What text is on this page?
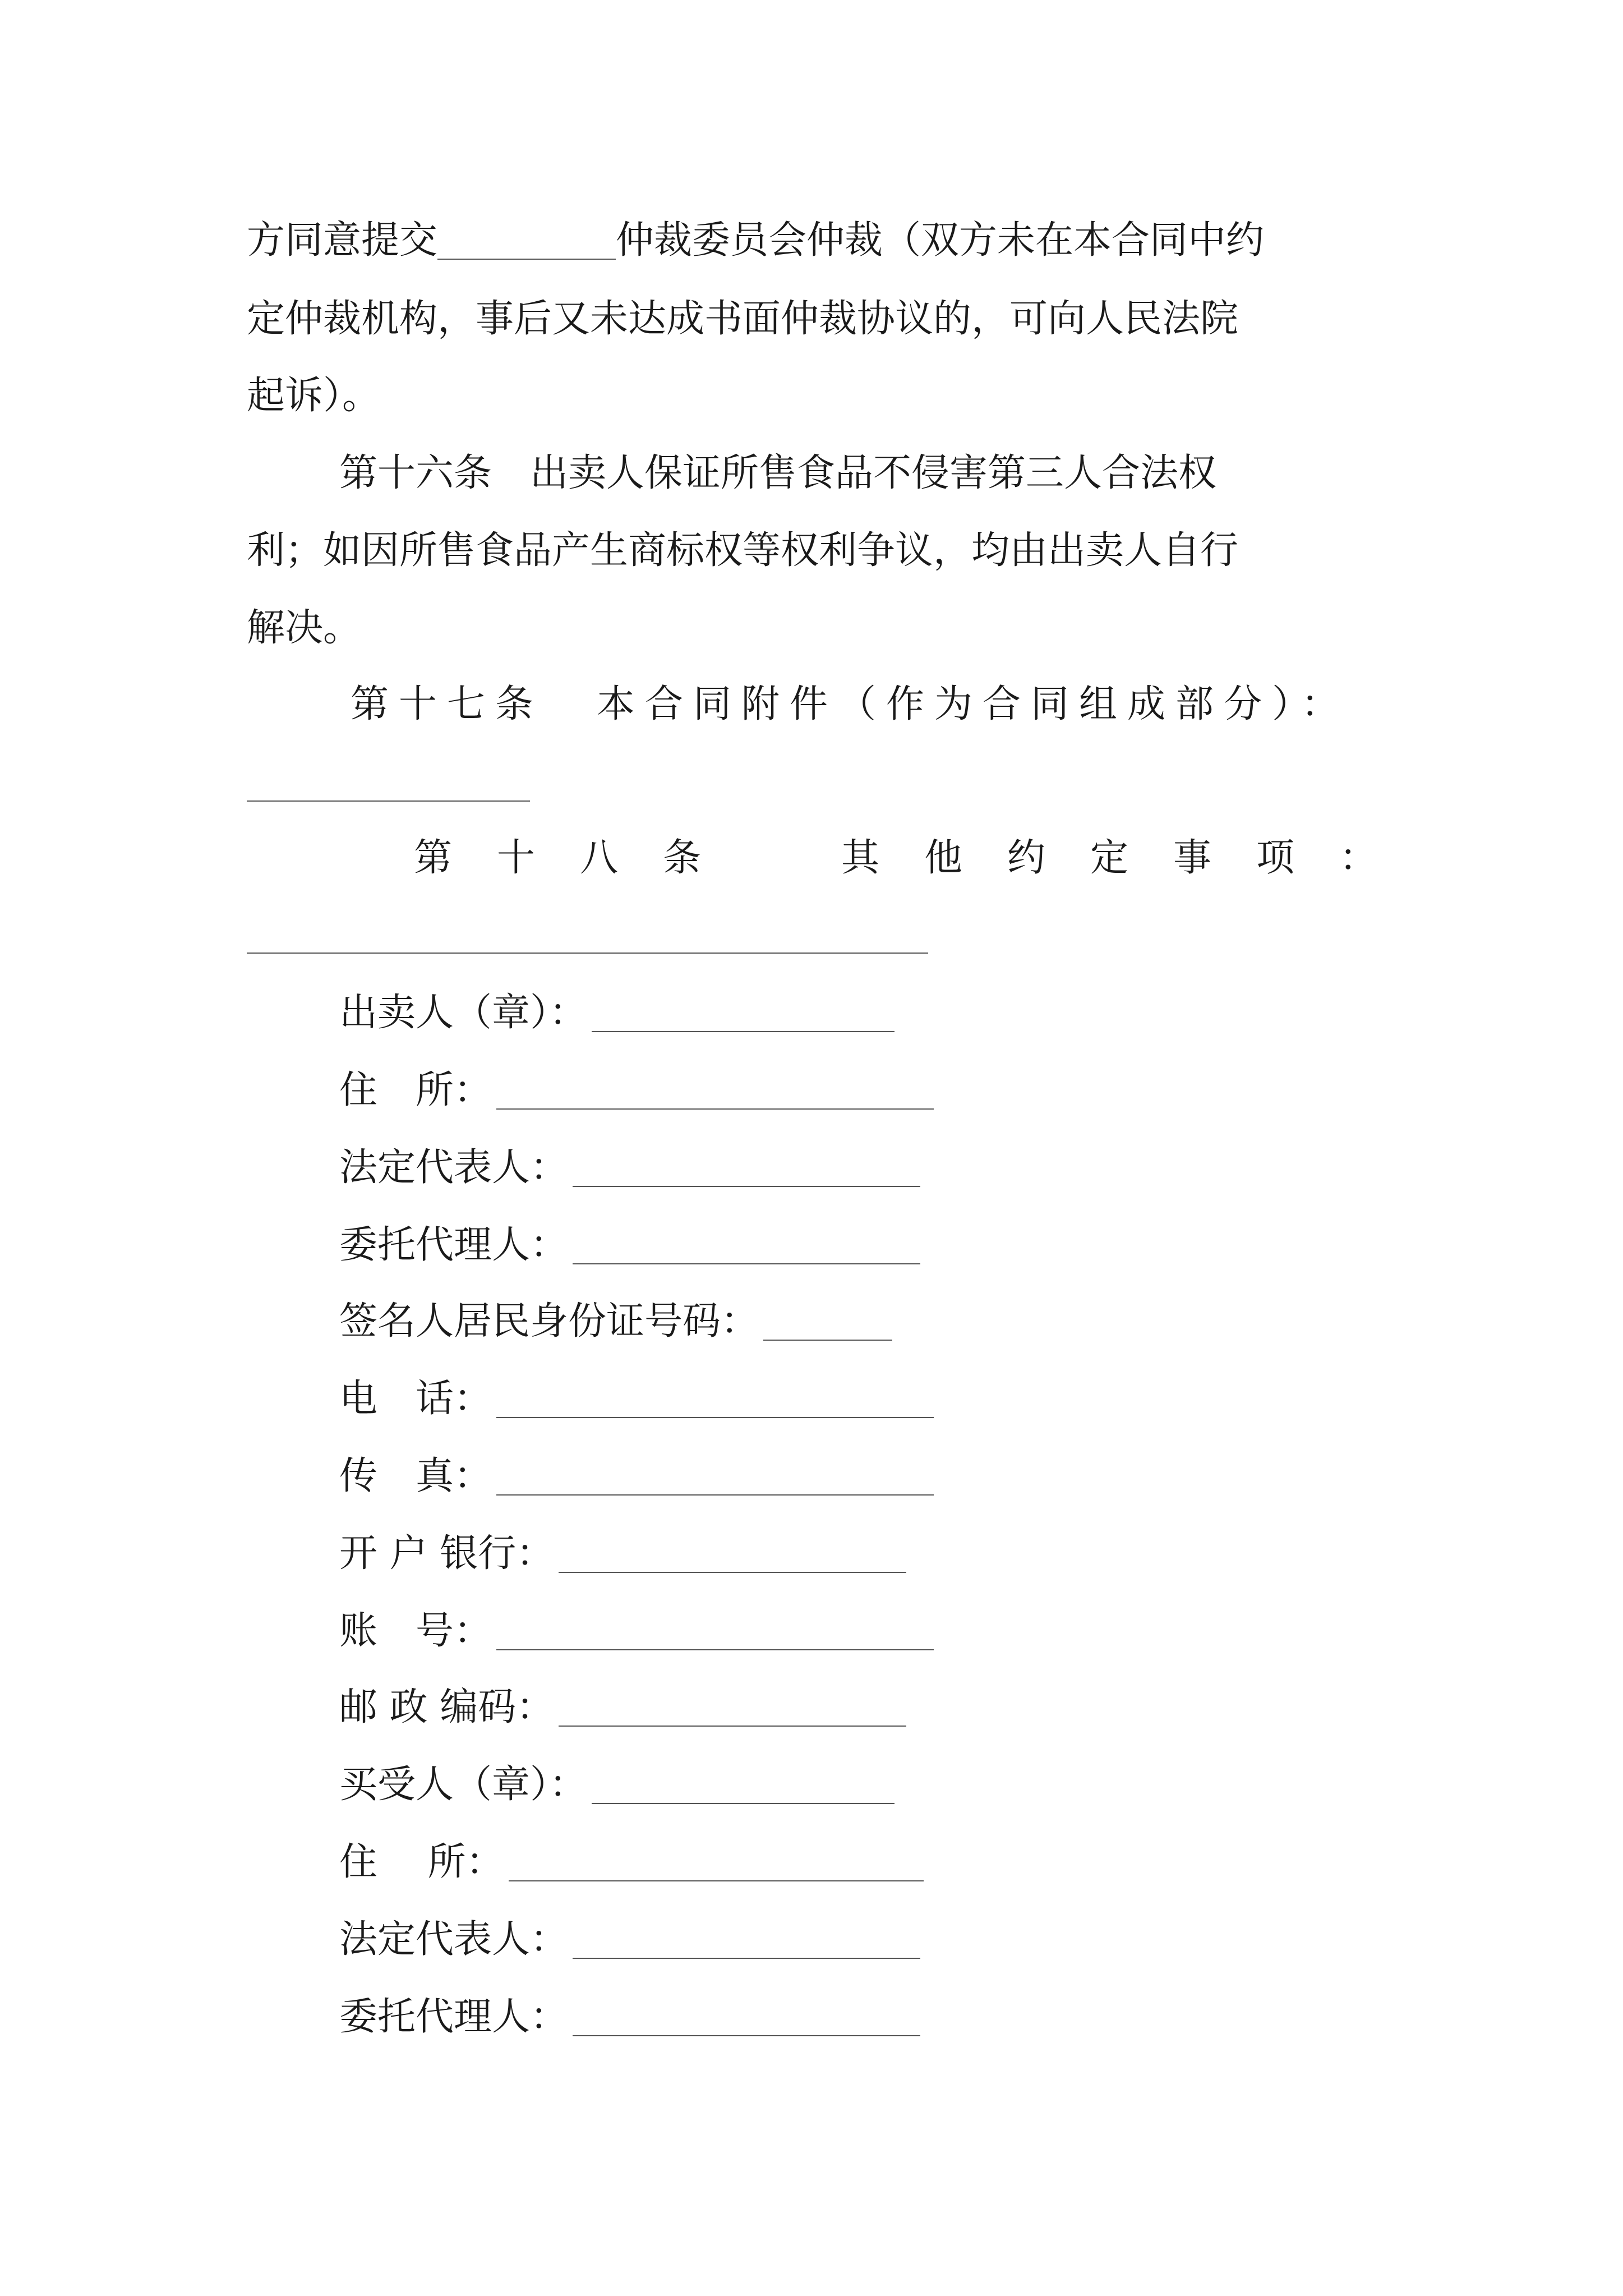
方同意提交	仲裁委员会仲裁（双方未在本合同中约
定仲裁机构，事后又未达成书面仲裁协议的，可向人民法院
起诉）。
第十六条　出卖人保证所售食品不侵害第三人合法权
利；如因所售食品产生商标权等权利争议，均由出卖人自行
解决。
第十七条 本合同附件（作为合同组成部分）：
第十八条	其他约定事项：
出卖人（章）：
住　所：
法定代表人：
委托代理人：
签名人居民身份证号码：
电　话：
传　真：
开 户 银行：
账　号：
邮 政 编码：
买受人（章）：
住　 所：
法定代表人：
委托代理人：
